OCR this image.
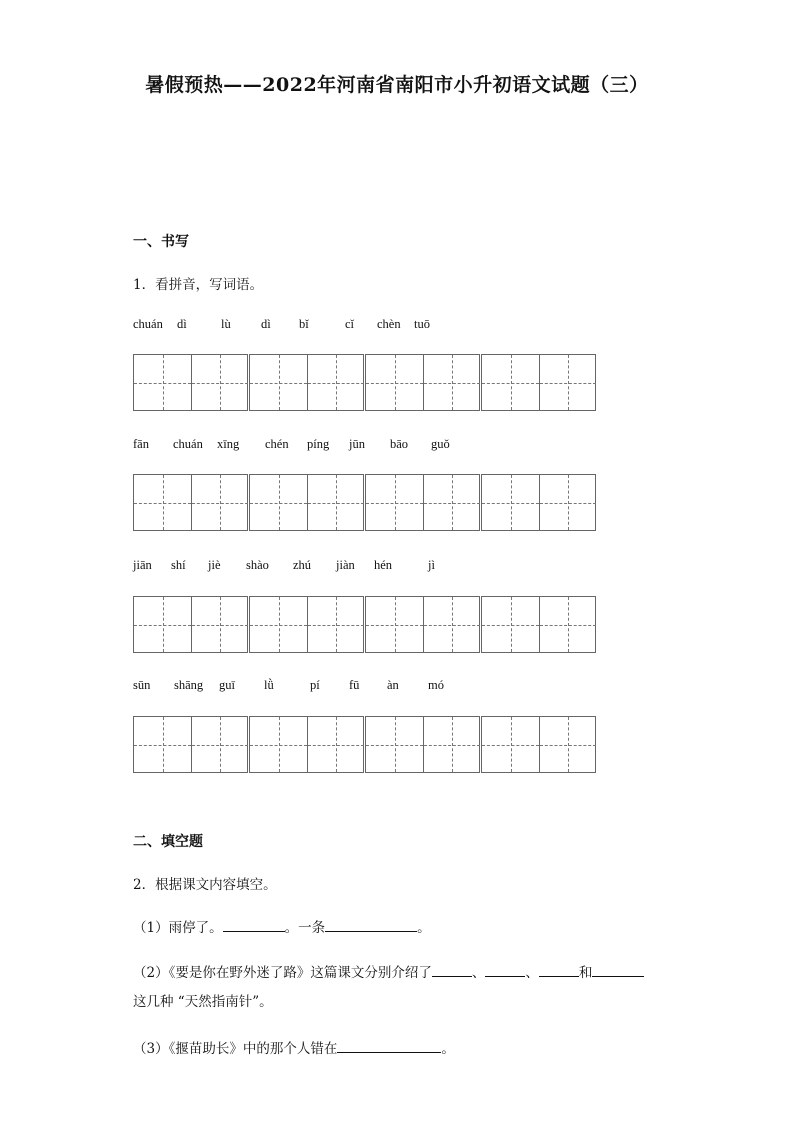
暑假预热——2022年河南省南阳市小升初语文试题（三）
一、书写
1．看拼音，写词语。
chuán dì	lù dì bǐ	cǐ chèn tuō
fān chuán xīng chén píng jūn bāo guǒ
jiān shí jiè shào zhú jiàn hén	jì
sūn shāng guī lǜ	pí fū àn mó
二、填空题
2．根据课文内容填空。
（1）雨停了。	。一条	。
（2）《要是你在野外迷了路》这篇课文分别介绍了	、	、	和
这几种 “天然指南针”。
（3）《揠苗助长》中的那个人错在	。
